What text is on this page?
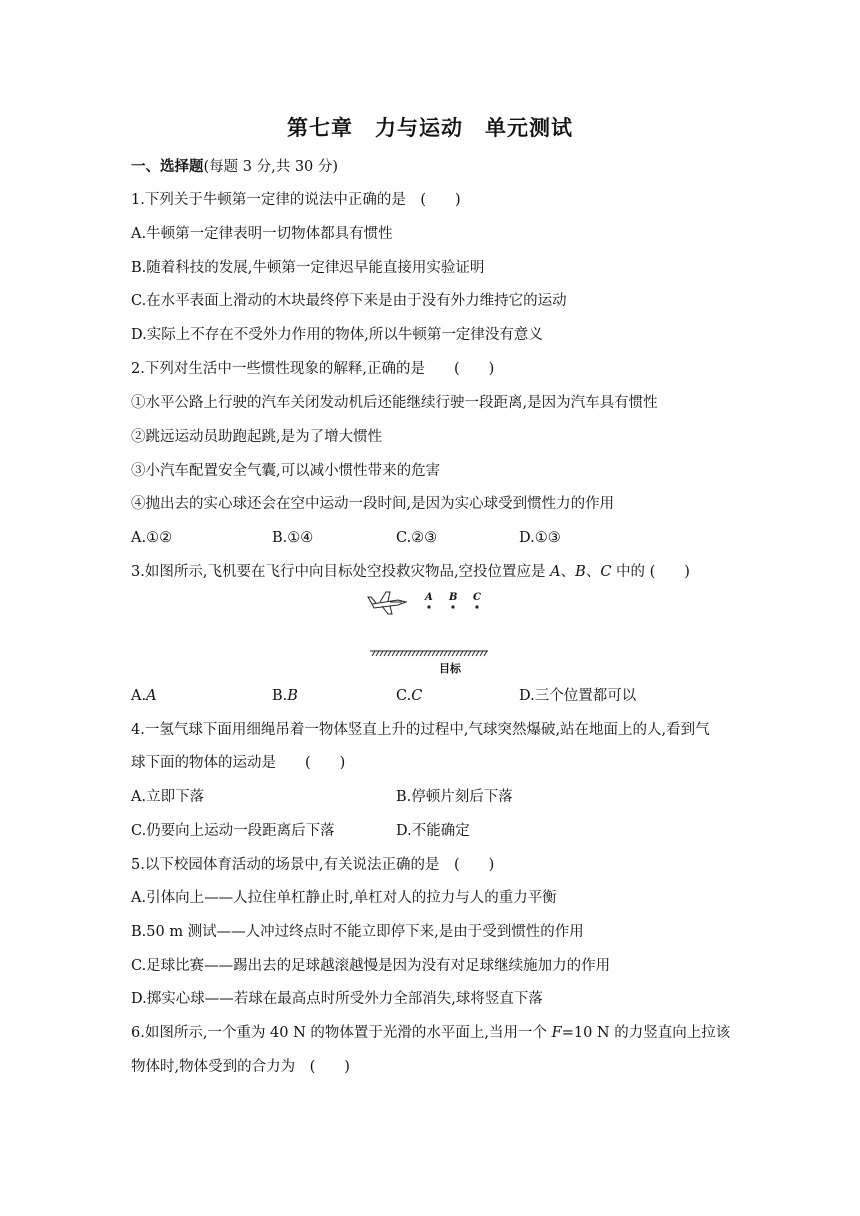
第七章　力与运动　单元测试
一、选择题(每题 3 分,共 30 分)
1.下列关于牛顿第一定律的说法中正确的是　(　　)
A.牛顿第一定律表明一切物体都具有惯性
B.随着科技的发展,牛顿第一定律迟早能直接用实验证明
C.在水平表面上滑动的木块最终停下来是由于没有外力维持它的运动
D.实际上不存在不受外力作用的物体,所以牛顿第一定律没有意义
2.下列对生活中一些惯性现象的解释,正确的是　　(　　)
①水平公路上行驶的汽车关闭发动机后还能继续行驶一段距离,是因为汽车具有惯性
②跳远运动员助跑起跳,是为了增大惯性
③小汽车配置安全气囊,可以减小惯性带来的危害
④抛出去的实心球还会在空中运动一段时间,是因为实心球受到惯性力的作用
A.①②	B.①④	C.②③	D.①③
3.如图所示,飞机要在飞行中向目标处空投救灾物品,空投位置应是 A、B、C 中的 (　　)
A B C
目标
A.A	B.B	C.C	D.三个位置都可以
4.一氢气球下面用细绳吊着一物体竖直上升的过程中,气球突然爆破,站在地面上的人,看到气
球下面的物体的运动是　　(　　)
A.立即下落	B.停顿片刻后下落
C.仍要向上运动一段距离后下落	D.不能确定
5.以下校园体育活动的场景中,有关说法正确的是　(　　)
A.引体向上——人拉住单杠静止时,单杠对人的拉力与人的重力平衡
B.50 m 测试——人冲过终点时不能立即停下来,是由于受到惯性的作用
C.足球比赛——踢出去的足球越滚越慢是因为没有对足球继续施加力的作用
D.掷实心球——若球在最高点时所受外力全部消失,球将竖直下落
6.如图所示,一个重为 40 N 的物体置于光滑的水平面上,当用一个 F=10 N 的力竖直向上拉该
物体时,物体受到的合力为　(　　)
